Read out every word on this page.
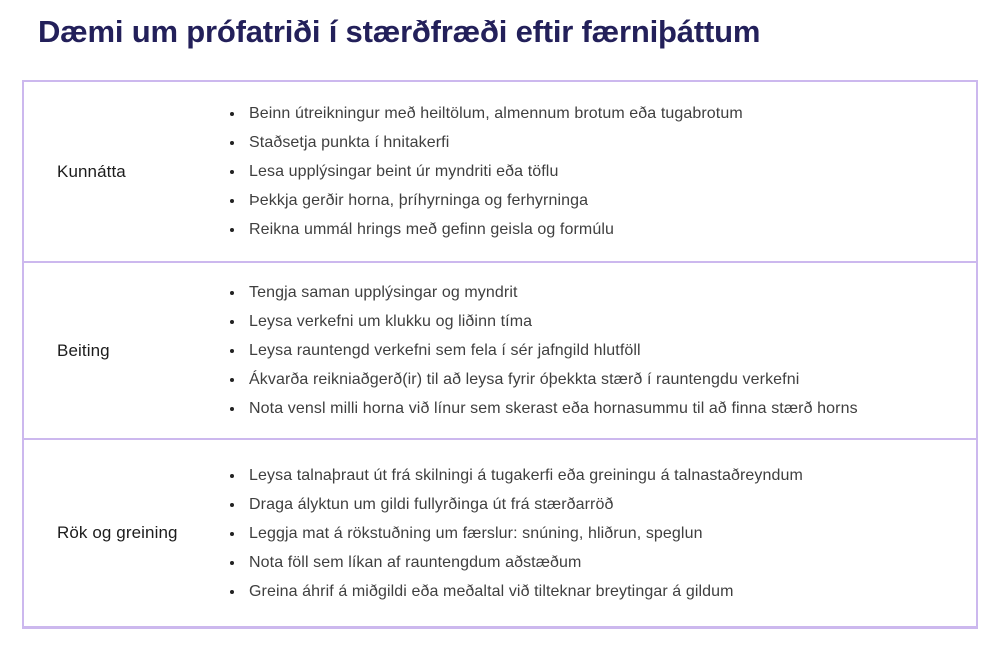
Dæmi um prófatriði í stærðfræði eftir færniþáttum
Kunnátta
• Beinn útreikningur með heiltölum, almennum brotum eða tugabrotum
• Staðsetja punkta í hnitakerfi
• Lesa upplýsingar beint úr myndriti eða töflu
• Þekkja gerðir horna, þríhyrninga og ferhyrninga
• Reikna ummál hrings með gefinn geisla og formúlu
Beiting
• Tengja saman upplýsingar og myndrit
• Leysa verkefni um klukku og liðinn tíma
• Leysa rauntengd verkefni sem fela í sér jafngild hlutföll
• Ákvarða reikniaðgerð(ir) til að leysa fyrir óþekkta stærð í rauntengdu verkefni
• Nota vensl milli horna við línur sem skerast eða hornasummu til að finna stærð horns
Rök og greining
• Leysa talnaþraut út frá skilningi á tugakerfi eða greiningu á talnastaðreyndum
• Draga ályktun um gildi fullyrðinga út frá stærðarröð
• Leggja mat á rökstuðning um færslur: snúning, hliðrun, speglun
• Nota föll sem líkan af rauntengdum aðstæðum
• Greina áhrif á miðgildi eða meðaltal við tilteknar breytingar á gildum
